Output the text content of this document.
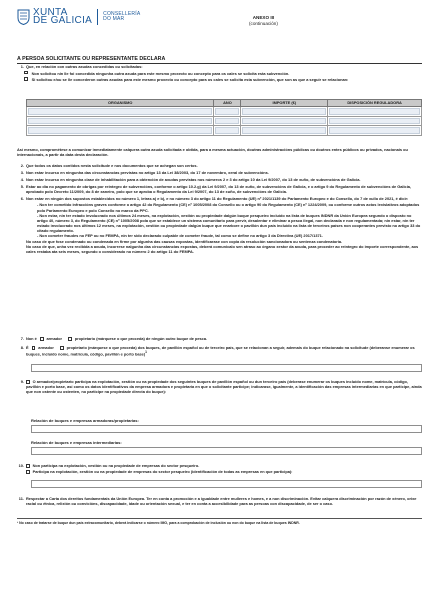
XUNTA
DE GALICIA
CONSELLERÍA
DO MAR	ANEXO III
(continuación)
A PERSOA SOLICITANTE OU REPRESENTANTE DECLARA
1. Que, en relación con outras axudas concedidas ou solicitadas:
Non solicitou nin lle foi concedida ningunha outra axuda para este mesmo proxecto ou concepto para os cales se solicita esta subvención.
Si solicitou e/ou se lle concederon outras axudas para este mesmo proxecto ou concepto para os cales se solicita esta subvención, que son as que a seguir se relacionan:
ORGANISMO	ANO	IMPORTE (€)	DISPOSICIÓN REGULADORA

Así mesmo, comprométese a comunicar inmediatamente calquera outra axuda solicitada e obtida, para a mesma actuación, doutras administracións públicas ou doutros entes públicos ou privados, nacionais ou internacionais, a partir da data desta declaración.
2. Que todos os datos contidos nesta solicitude e nos documentos que se achegan son certos.
3. Non estar incurso en ningunha das circunstancias previstas no artigo 13 da Lei 38/2003, do 17 de novembro, xeral de subvencións.
4. Non estar incurso en ningunha clase de inhabilitación para a obtención de axudas previstas nos números 2 e 3 do artigo 10 da Lei 9/2007, do 13 de xuño, de subvencións de Galicia.
5. Estar ao día no pagamento de obrigas por reintegro de subvencións, conforme o artigo 10.2.g) da Lei 9/2007, do 13 de xuño, de subvencións de Galicia, e o artigo 9 do Regulamento de subvencións de Galicia, aprobado polo Decreto 11/2009, do 8 de xaneiro, polo que se aproba o Regulamento da Lei 9/2007, do 13 de xuño, de subvencións de Galicia.
6. Non estar en ningún dos supostos establecidos no número 1, letras a) e b), e no número 3 do artigo 11 do Regulamento (UE) nº 2021/1139 do Parlamento Europeo e do Consello, do 7 de xullo de 2021, é dicir:
- Non ter cometido infraccións graves conforme o artigo 42 do Regulamento (CE) nº 1005/2008 do Consello ou o artigo 90 do Regulamento (CE) nº 1224/2009, ou conforme outros actos lexislativos adoptados polo Parlamento Europeo e polo Consello no marco da PPC.
- Non estar, nin ter estado involucrado nos últimos 24 meses, na explotación, xestión ou propiedade dalgún buque pesqueiro incluído na lista de buques INDNR da Unión Europea segundo o disposto no artigo 40, número 3, do Regulamento (CE) nº 1005/2008 pola que se establece un sistema comunitario para previr, desalentar e eliminar a pesca ilegal, non declarada e non regulamentada; nin estar, nin ter estado involucrado nos últimos 12 meses, na explotación, xestión ou propiedade dalgún buque que enarbore o pavillón dun país incluído na lista de terceiros países non cooperantes previsto no artigo 33 do citado regulamento.
- Non cometer fraudes no FEP ou no FEMPA, nin ter sido declarado culpable de cometer fraude, tal como se define no artigo 3 da Directiva (UE) 2017/1371.
No caso de que fose condenado ou condenada en firme por algunha das causas expostas, identificarase con copia da resolución sancionadora ou sentenza condenatoria.
No caso de que, unha vez recibida a axuda, incorrese nalgunha das circunstancias expostas, deberá comunicalo sen atraso ao órgano xestor da axuda, para proceder ao reintegro do importe correspondente, aos cales restaba ata seis meses, segundo o considerado no número 2 do artigo 11 do FEMPA.
7. Non é armador	propietario (márquese o que proceda) de ningún outro buque de pesca.
8. É armador	propietario (márquese o que proceda) dos buques, de pavillón español ou de terceiro país, que se relacionan a seguir, ademais do buque relacionado na solicitude (deberanse enumerar os buques, incluído nome, matrícula, código, pavillón e porto base)$^1$
9.	O armador/propietario participa na explotación, xestión ou na propiedade dos seguintes buques de pavillón español ou dun terceiro país (deberase enumerar os buques incluído nome, matrícula, código, pavillón e porto base, así como os datos identificativos da empresa armadora e propietaria en que o solicitante participe; indicarase, igualmente, a identificación das empresas intermediarias en que participe, ainda que non ostente ou ostenten, no participe na propiedade directa do buque):
Relación de buques e empresas armadoras/propietarias:
Relación de buques e empresas intermediarias:
10.	Non participa na explotación, xestión ou na propiedade de empresas do sector pesqueiro.
Participa na explotación, xestión ou na propiedade de empresas do sector pesqueiro (identificación de todas as empresas en que participa):
11. Respectar a Carta dos dereitos fundamentais da Unión Europea. Ter en conta a promoción e a igualdade entre mulleres e homes, e a non discriminación. Evitar calquera discriminación por razón de xénero, orixe racial ou étnica, relixión ou convicións, discapacidade, idade ou orientación sexual, e ter en conta a accesibilidade para as persoas con discapacidade, de ser o caso.
¹ No caso de tratarse de buque dun país extracomunitario, deberá indicarse o número IMO, para a comprobación de inclusión ou non do buque na lista de buques INDNR.
